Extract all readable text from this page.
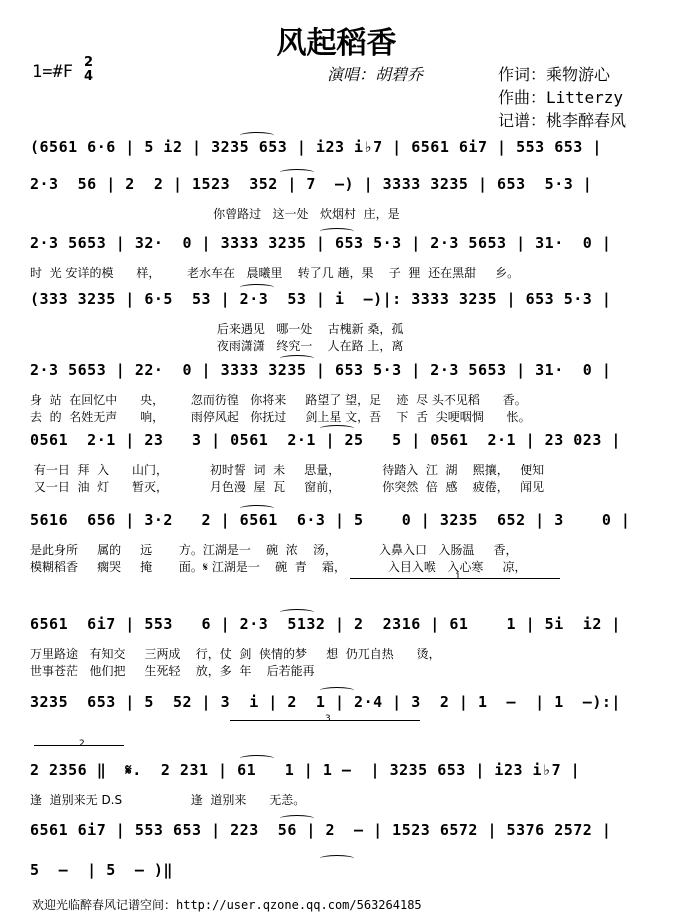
风起稻香
1=#F 2
4	演唱：胡碧乔	作词：乘物游心
作曲：Litterzy
记谱：桃李醉春风
(6561 6·6 | 5 i2 | 3235 653 | i23 i♭7 | 6561 6i7 | 553 653 |
2·3  56 | 2  2 | 1523  352 | 7  –) | 3333 3235 | 653  5·3 |
你曾路过   这一处   炊烟村  庄，是
2·3 5653 | 32·  0 | 3333 3235 | 653 5·3 | 2·3 5653 | 31·  0 |
时  光 安详的模      样，       老水车在   晨曦里    转了几 趟，果    子  狸  还在黑甜     乡。
(333 3235 | 6·5  53 | 2·3  53 | i  –)|: 3333 3235 | 653 5·3 |
后来遇见   哪一处    古槐新 桑，孤
夜雨潇潇   终究一    人在路 上，离
2·3 5653 | 22·  0 | 3333 3235 | 653 5·3 | 2·3 5653 | 31·  0 |
身  站  在回忆中      央，       忽而彷徨   你将来     路望了 望，足    迹  尽 头不见稻      香。
去  的  名姓无声      响，       雨停风起   你抚过     剑上星 文，吾    下  舌  尖哽咽惆      怅。
0561  2·1 | 23   3 | 0561  2·1 | 25   5 | 0561  2·1 | 23 023 |
有一日  拜  入      山门，           初时誓  词  未     思量，           待踏入  江  湖    熙攘，   便知
又一日  油  灯      暂灭，           月色漫  屋  瓦     窗前，           你突然  倍  感    疲倦，   闻见
5616  656 | 3·2   2 | 6561  6·3 | 5    0 | 3235  652 | 3    0 |
是此身所     属的     远       方。江湖是一    碗  浓    汤，           入鼻入口   入肠温     香，
模糊稻香     瘸哭     掩       面。𝄋 江湖是一    碗  青    霜，           入目入喉   入心寒     凉，
6561  6i7 | 553   6 | 2·3  5132 | 2  2316 | 61    1 | 5i  i2 |
万里路途   有知交     三两成    行，仗  剑  侠情的梦     想  仍兀自热      烫，
世事苍茫   他们把     生死轻    放，多  年    后若能再
3235  653 | 5  52 | 3  i | 2  1 | 2·4 | 3  2 | 1  –  | 1  –):|
2 2356 ‖  𝄋.  2 231 | 61   1 | 1 –  | 3235 653 | i23 i♭7 |
逢  道别来无 D.S                  逢  道别来      无恙。
6561 6i7 | 553 653 | 223  56 | 2  – | 1523 6572 | 5376 2572 |
5  –  | 5  – )‖
1
3
2
欢迎光临醉春风记谱空间：http://user.qzone.qq.com/563264185
